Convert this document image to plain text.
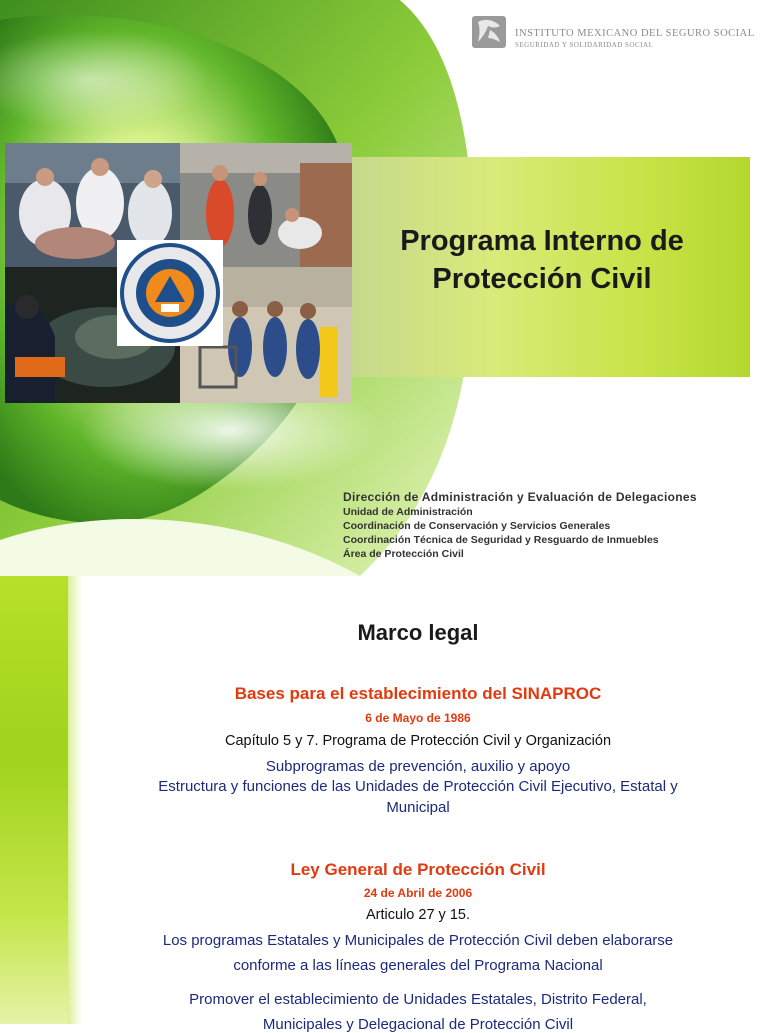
INSTITUTO MEXICANO DEL SEGURO SOCIAL
SEGURIDAD Y SOLIDARIDAD SOCIAL
Programa Interno de
Protección Civil
Dirección de Administración y Evaluación de Delegaciones
Unidad de Administración
Coordinación de Conservación y Servicios Generales
Coordinación Técnica de Seguridad y Resguardo de Inmuebles
Área de Protección Civil
Marco legal
Bases para el establecimiento del SINAPROC
6 de Mayo de 1986
Capítulo 5 y 7. Programa de Protección Civil y Organización
Subprogramas de prevención, auxilio y apoyo
Estructura y funciones de las Unidades de Protección Civil Ejecutivo, Estatal y
Municipal
Ley General de Protección Civil
24 de Abril de 2006
Articulo 27 y 15.
Los programas Estatales y Municipales de Protección Civil deben elaborarse
conforme a las líneas generales del Programa Nacional
Promover el establecimiento de Unidades Estatales, Distrito Federal,
Municipales y Delegacional de Protección Civil
